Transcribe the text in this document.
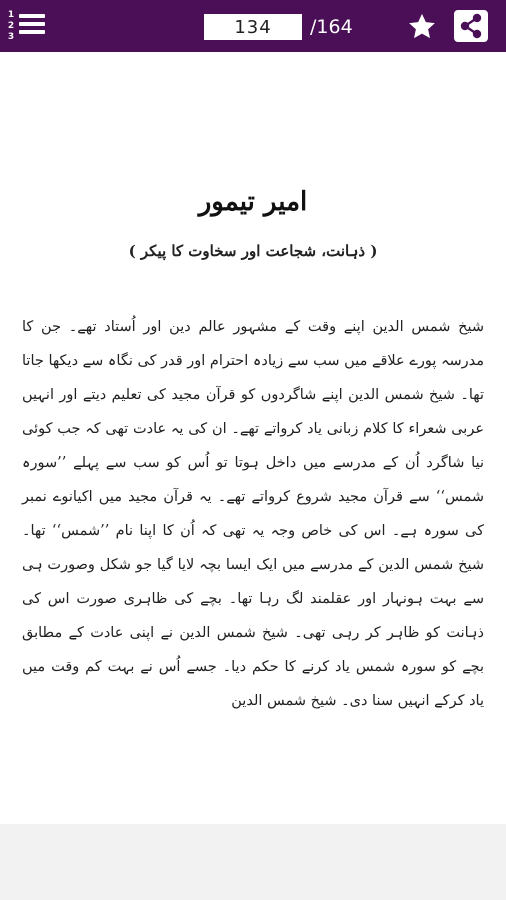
1
2
3
134	/164
امیر تیمور
( ذہانت، شجاعت اور سخاوت کا پیکر )

شیخ شمس الدین اپنے وقت کے مشہور عالم دین اور اُستاد تھے۔ جن کا مدرسہ پورے علاقے میں سب سے زیادہ احترام اور قدر کی نگاہ سے دیکھا جاتا تھا۔ شیخ شمس الدین اپنے شاگردوں کو قرآن مجید کی تعلیم دیتے اور انہیں عربی شعراء کا کلام زبانی یاد کرواتے تھے۔ ان کی یہ عادت تھی کہ جب کوئی نیا شاگرد اُن کے مدرسے میں داخل ہوتا تو اُس کو سب سے پہلے ’’سورہ شمس‘‘ سے قرآن مجید شروع کرواتے تھے۔ یہ قرآن مجید میں اکیانوے نمبر کی سورہ ہے۔ اس کی خاص وجہ یہ تھی کہ اُن کا اپنا نام ’’شمس‘‘ تھا۔ شیخ شمس الدین کے مدرسے میں ایک ایسا بچہ لایا گیا جو شکل وصورت ہی سے بہت ہونہار اور عقلمند لگ رہا تھا۔ بچے کی ظاہری صورت اس کی ذہانت کو ظاہر کر رہی تھی۔ شیخ شمس الدین نے اپنی عادت کے مطابق بچے کو سورہ شمس یاد کرنے کا حکم دیا۔ جسے اُس نے بہت کم وقت میں یاد کرکے انہیں سنا دی۔ شیخ شمس الدین
